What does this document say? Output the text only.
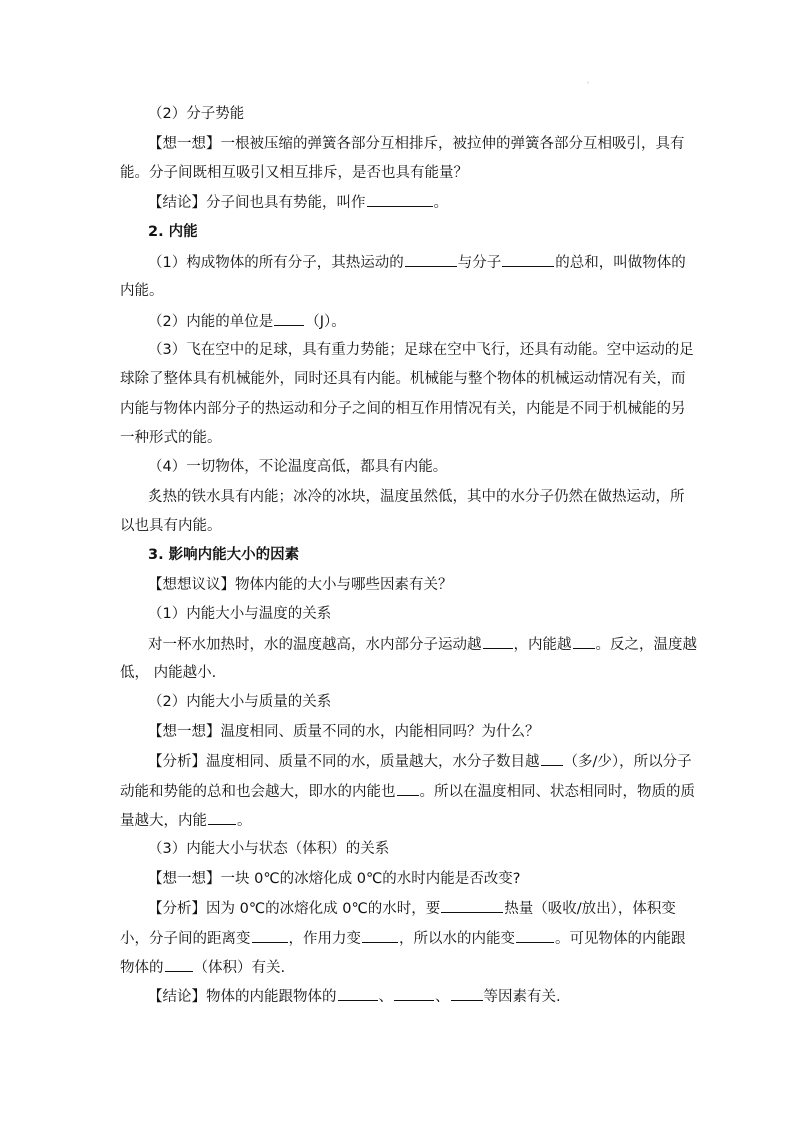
。
（2）分子势能
【想一想】一根被压缩的弹簧各部分互相排斥，被拉伸的弹簧各部分互相吸引，具有
能。分子间既相互吸引又相互排斥，是否也具有能量？
【结论】分子间也具有势能，叫作	。
2. 内能
（1）构成物体的所有分子，其热运动的	与分子	的总和，叫做物体的
内能。
（2）内能的单位是 （J）。
（3）飞在空中的足球，具有重力势能；足球在空中飞行，还具有动能。空中运动的足
球除了整体具有机械能外，同时还具有内能。机械能与整个物体的机械运动情况有关，而
内能与物体内部分子的热运动和分子之间的相互作用情况有关，内能是不同于机械能的另
一种形式的能。
（4）一切物体，不论温度高低，都具有内能。
炙热的铁水具有内能；冰冷的冰块，温度虽然低，其中的水分子仍然在做热运动，所
以也具有内能。
3. 影响内能大小的因素
【想想议议】物体内能的大小与哪些因素有关？
（1）内能大小与温度的关系
对一杯水加热时，水的温度越高，水内部分子运动越 ，内能越 。反之，温度越
低， 内能越小.
（2）内能大小与质量的关系
【想一想】温度相同、质量不同的水，内能相同吗？为什么？
【分析】温度相同、质量不同的水，质量越大，水分子数目越 （多/少），所以分子
动能和势能的总和也会越大，即水的内能也 。所以在温度相同、状态相同时，物质的质
量越大，内能 。
（3）内能大小与状态（体积）的关系
【想一想】一块 0℃的冰熔化成 0℃的水时内能是否改变?
【分析】因为 0℃的冰熔化成 0℃的水时，要	热量（吸收/放出），体积变
小，分子间的距离变	，作用力变	，所以水的内能变	。可见物体的内能跟
物体的 （体积）有关.
【结论】物体的内能跟物体的	、	、 等因素有关.
